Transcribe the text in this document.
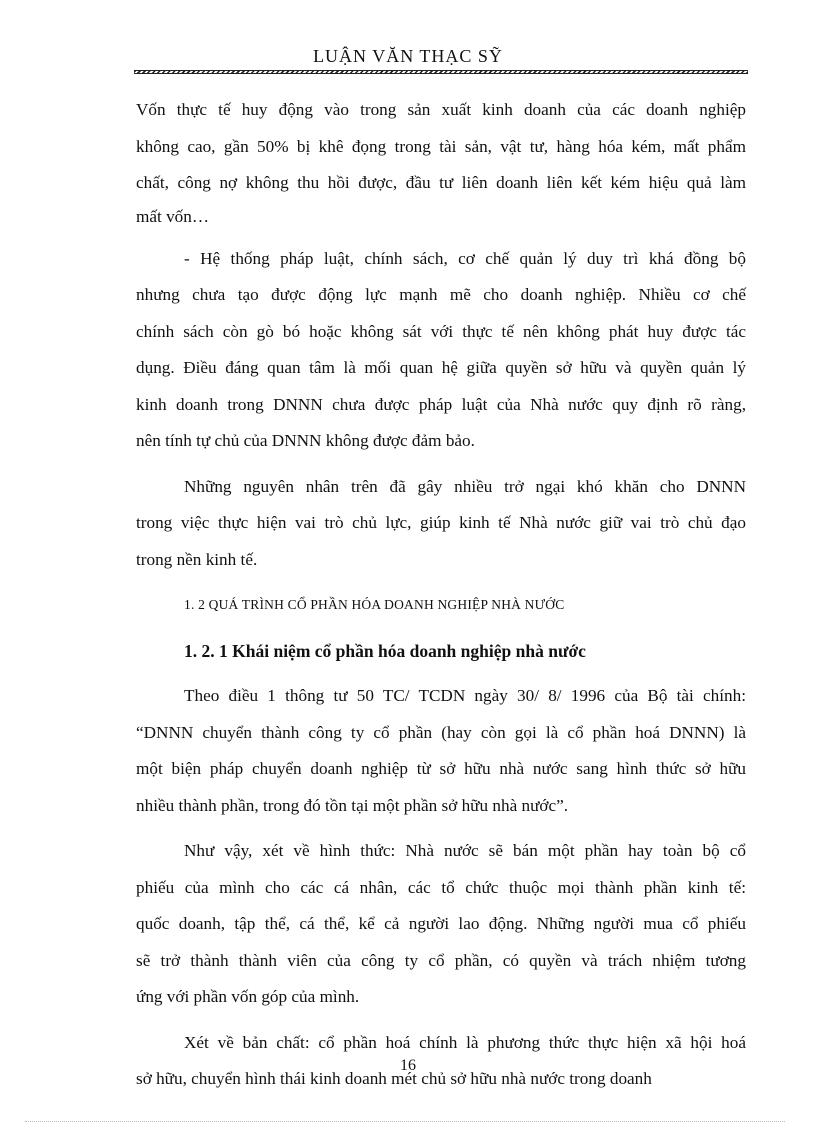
LUẬN VĂN THẠC SỸ
Vốn thực tế huy động vào trong sản xuất kinh doanh của các doanh nghiệp
không cao, gần 50% bị khê đọng trong tài sản, vật tư, hàng hóa kém, mất phẩm
chất, công nợ không thu hồi được, đầu tư liên doanh liên kết kém hiệu quả làm
mất vốn…
- Hệ thống pháp luật, chính sách, cơ chế quản lý duy trì khá đồng bộ
nhưng chưa tạo được động lực mạnh mẽ cho doanh nghiệp. Nhiều cơ chế
chính sách còn gò bó hoặc không sát với thực tế nên không phát huy được tác
dụng. Điều đáng quan tâm là mối quan hệ giữa quyền sở hữu và quyền quản lý
kinh doanh trong DNNN chưa được pháp luật của Nhà nước quy định rõ ràng,
nên tính tự chủ của DNNN không được đảm bảo.
Những nguyên nhân trên đã gây nhiều trở ngại khó khăn cho DNNN
trong việc thực hiện vai trò chủ lực, giúp kinh tế Nhà nước giữ vai trò chủ đạo
trong nền kinh tế.
1. 2 QUÁ TRÌNH CỔ PHẦN HÓA DOANH NGHIỆP NHÀ NƯỚC
1. 2. 1 Khái niệm cổ phần hóa doanh nghiệp nhà nước
Theo điều 1 thông tư 50 TC/ TCDN ngày 30/ 8/ 1996 của Bộ tài chính:
“DNNN chuyển thành công ty cổ phần (hay còn gọi là cổ phần hoá DNNN) là
một biện pháp chuyển doanh nghiệp từ sở hữu nhà nước sang hình thức sở hữu
nhiều thành phần, trong đó tồn tại một phần sở hữu nhà nước”.
Như vậy, xét về hình thức: Nhà nước sẽ bán một phần hay toàn bộ cổ
phiếu của mình cho các cá nhân, các tổ chức thuộc mọi thành phần kinh tế:
quốc doanh, tập thể, cá thể, kể cả người lao động. Những người mua cổ phiếu
sẽ trở thành thành viên của công ty cổ phần, có quyền và trách nhiệm tương
ứng với phần vốn góp của mình.
Xét về bản chất: cổ phần hoá chính là phương thức thực hiện xã hội hoá
sở hữu, chuyển hình thái kinh doanh mét chủ sở hữu nhà nước trong doanh
16
